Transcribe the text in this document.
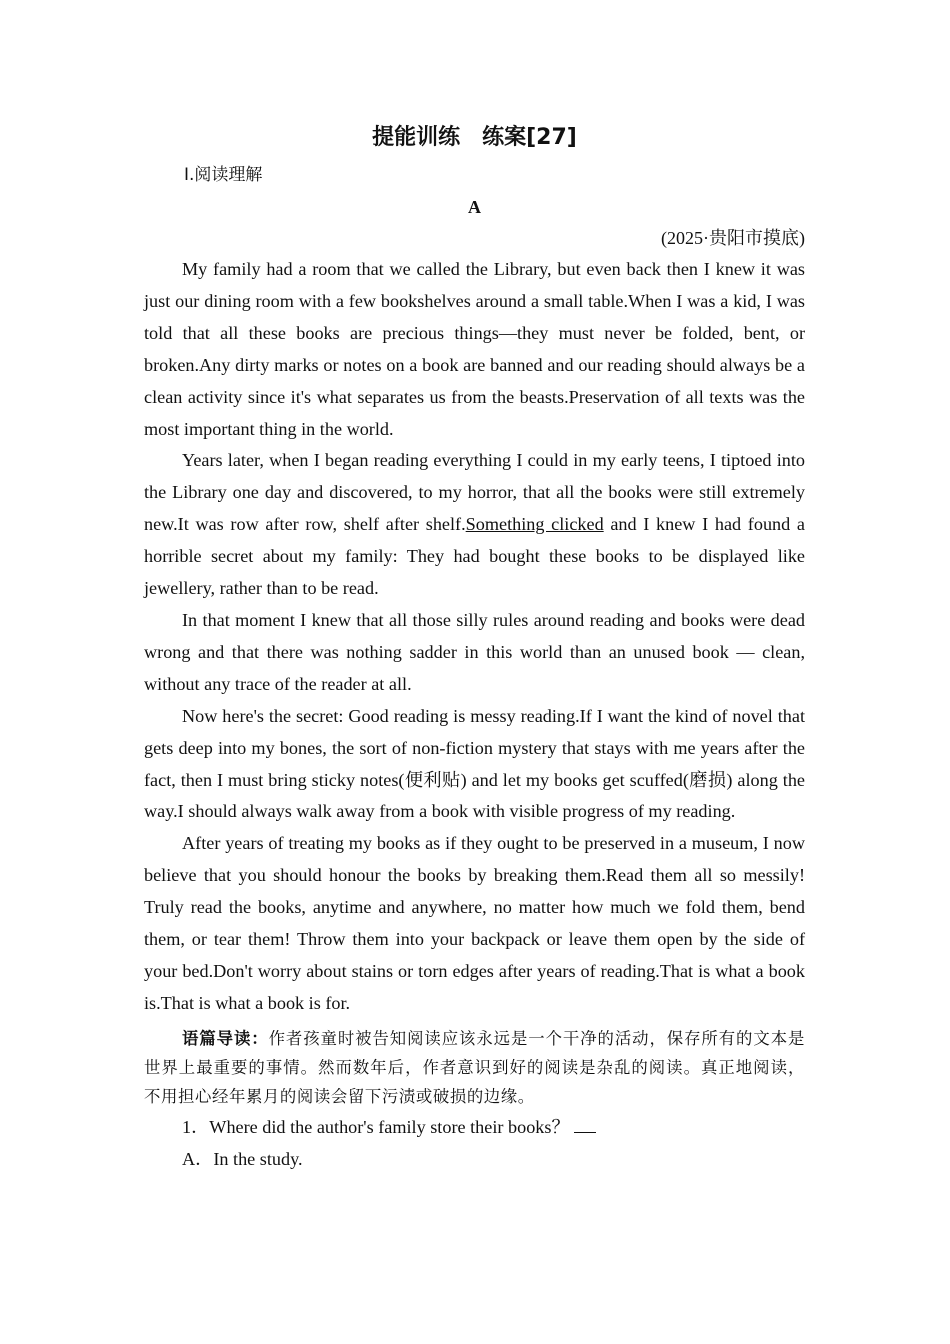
提能训练　练案[27]

Ⅰ.阅读理解

A

(2025·贵阳市摸底)

My family had a room that we called the Library, but even back then I knew it was just our dining room with a few bookshelves around a small table.When I was a kid, I was told that all these books are precious things—they must never be folded, bent, or broken.Any dirty marks or notes on a book are banned and our reading should always be a clean activity since it's what separates us from the beasts.Preservation of all texts was the most important thing in the world.

Years later, when I began reading everything I could in my early teens, I tiptoed into the Library one day and discovered, to my horror, that all the books were still extremely new.It was row after row, shelf after shelf.Something clicked and I knew I had found a horrible secret about my family: They had bought these books to be displayed like jewellery, rather than to be read.

In that moment I knew that all those silly rules around reading and books were dead wrong and that there was nothing sadder in this world than an unused book — clean, without any trace of the reader at all.

Now here's the secret: Good reading is messy reading.If I want the kind of novel that gets deep into my bones, the sort of non-fiction mystery that stays with me years after the fact, then I must bring sticky notes(便利贴) and let my books get scuffed(磨损) along the way.I should always walk away from a book with visible progress of my reading.

After years of treating my books as if they ought to be preserved in a museum, I now believe that you should honour the books by breaking them.Read them all so messily! Truly read the books, anytime and anywhere, no matter how much we fold them, bend them, or tear them! Throw them into your backpack or leave them open by the side of your bed.Don't worry about stains or torn edges after years of reading.That is what a book is.That is what a book is for.

语篇导读：作者孩童时被告知阅读应该永远是一个干净的活动，保存所有的文本是世界上最重要的事情。然而数年后，作者意识到好的阅读是杂乱的阅读。真正地阅读，不用担心经年累月的阅读会留下污渍或破损的边缘。

1．Where did the author's family store their books？

A．In the study.
